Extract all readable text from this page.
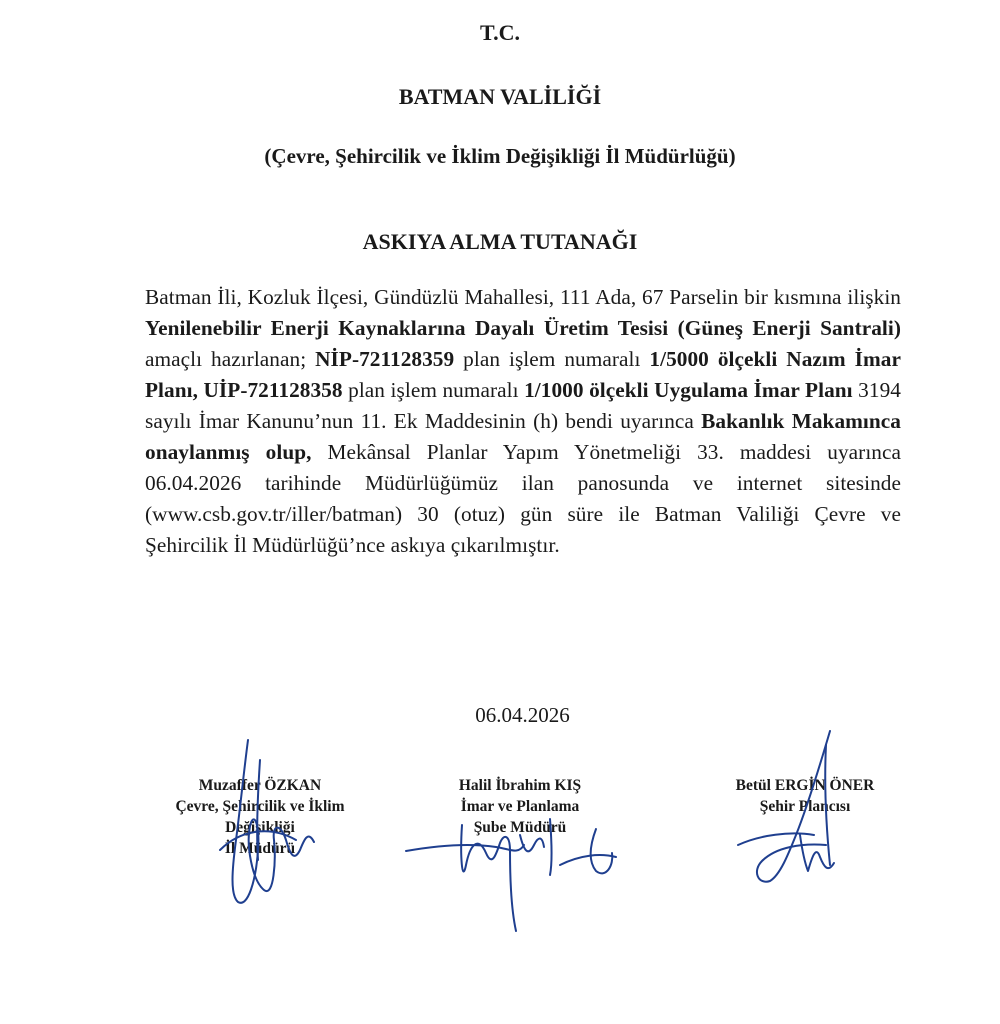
T.C.
BATMAN VALİLİĞİ
(Çevre, Şehircilik ve İklim Değişikliği İl Müdürlüğü)
ASKIYA ALMA TUTANAĞI
Batman İli, Kozluk İlçesi, Gündüzlü Mahallesi, 111 Ada, 67 Parselin bir kısmına ilişkin Yenilenebilir Enerji Kaynaklarına Dayalı Üretim Tesisi (Güneş Enerji Santrali) amaçlı hazırlanan; NİP-721128359 plan işlem numaralı 1/5000 ölçekli Nazım İmar Planı, UİP-721128358 plan işlem numaralı 1/1000 ölçekli Uygulama İmar Planı 3194 sayılı İmar Kanunu’nun 11. Ek Maddesinin (h) bendi uyarınca Bakanlık Makamınca onaylanmış olup, Mekânsal Planlar Yapım Yönetmeliği 33. maddesi uyarınca 06.04.2026 tarihinde Müdürlüğümüz ilan panosunda ve internet sitesinde (www.csb.gov.tr/iller/batman) 30 (otuz) gün süre ile Batman Valiliği Çevre ve Şehircilik İl Müdürlüğü’nce askıya çıkarılmıştır.
06.04.2026
Muzaffer ÖZKAN
Çevre, Şehircilik ve İklim
Değişikliği
İl Müdürü
Halil İbrahim KIŞ
İmar ve Planlama
Şube Müdürü
Betül ERGİN ÖNER
Şehir Plancısı
